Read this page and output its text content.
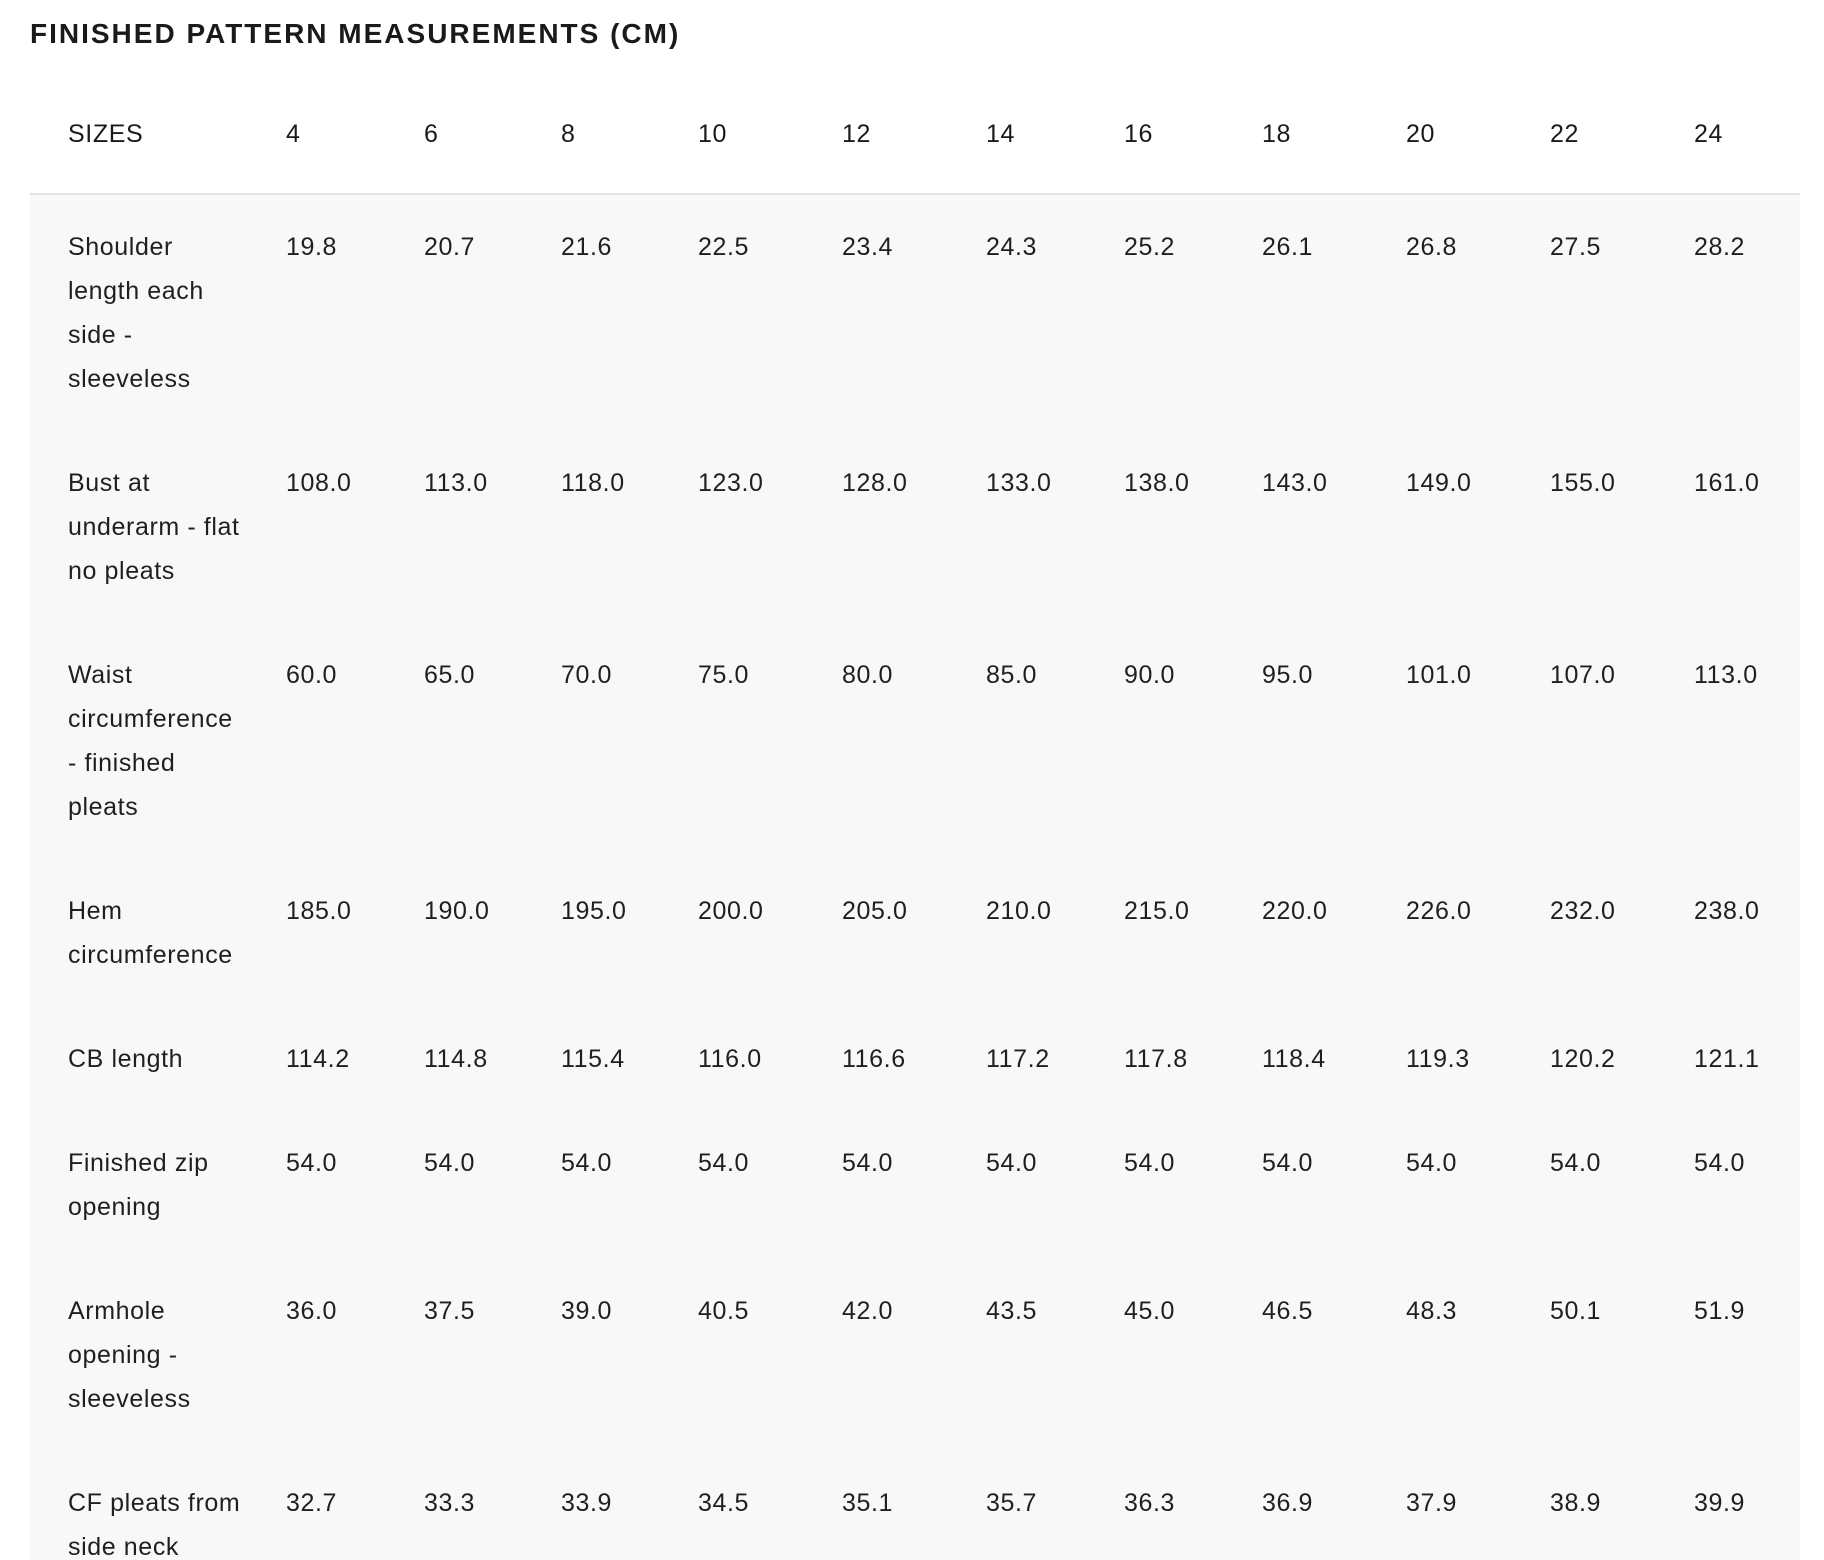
FINISHED PATTERN MEASUREMENTS (CM)
SIZES	4	6	8	10	12	14	16	18	20	22	24
Shoulder length each side - sleeveless	19.8	20.7	21.6	22.5	23.4	24.3	25.2	26.1	26.8	27.5	28.2
Bust at underarm - flat no pleats	108.0	113.0	118.0	123.0	128.0	133.0	138.0	143.0	149.0	155.0	161.0
Waist circumference - finished pleats	60.0	65.0	70.0	75.0	80.0	85.0	90.0	95.0	101.0	107.0	113.0
Hem circumference	185.0	190.0	195.0	200.0	205.0	210.0	215.0	220.0	226.0	232.0	238.0
CB length	114.2	114.8	115.4	116.0	116.6	117.2	117.8	118.4	119.3	120.2	121.1
Finished zip opening	54.0	54.0	54.0	54.0	54.0	54.0	54.0	54.0	54.0	54.0	54.0
Armhole opening - sleeveless	36.0	37.5	39.0	40.5	42.0	43.5	45.0	46.5	48.3	50.1	51.9
CF pleats from side neck	32.7	33.3	33.9	34.5	35.1	35.7	36.3	36.9	37.9	38.9	39.9
